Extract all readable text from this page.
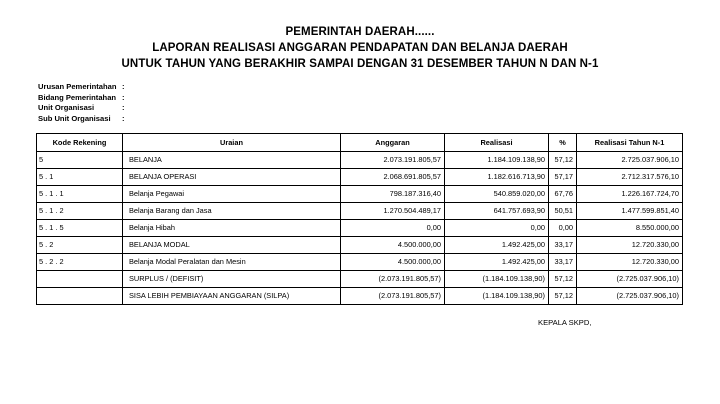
PEMERINTAH DAERAH......
LAPORAN REALISASI ANGGARAN PENDAPATAN DAN BELANJA DAERAH
UNTUK TAHUN YANG BERAKHIR SAMPAI DENGAN 31 DESEMBER TAHUN N DAN N-1
Urusan Pemerintahan :
Bidang Pemerintahan :
Unit Organisasi	:
Sub Unit Organisasi :
Kode Rekening	Uraian	Anggaran	Realisasi	%	Realisasi Tahun N-1
5	BELANJA	2.073.191.805,57	1.184.109.138,90	57,12	2.725.037.906,10
5 . 1	BELANJA OPERASI	2.068.691.805,57	1.182.616.713,90	57,17	2.712.317.576,10
5 . 1 . 1	Belanja Pegawai	798.187.316,40	540.859.020,00	67,76	1.226.167.724,70
5 . 1 . 2	Belanja Barang dan Jasa	1.270.504.489,17	641.757.693,90	50,51	1.477.599.851,40
5 . 1 . 5	Belanja Hibah	0,00	0,00	0,00	8.550.000,00
5 . 2	BELANJA MODAL	4.500.000,00	1.492.425,00	33,17	12.720.330,00
5 . 2 . 2	Belanja Modal Peralatan dan Mesin	4.500.000,00	1.492.425,00	33,17	12.720.330,00
	SURPLUS / (DEFISIT)	(2.073.191.805,57)	(1.184.109.138,90)	57,12	(2.725.037.906,10)
	SISA LEBIH PEMBIAYAAN ANGGARAN (SILPA)	(2.073.191.805,57)	(1.184.109.138,90)	57,12	(2.725.037.906,10)
KEPALA SKPD,
